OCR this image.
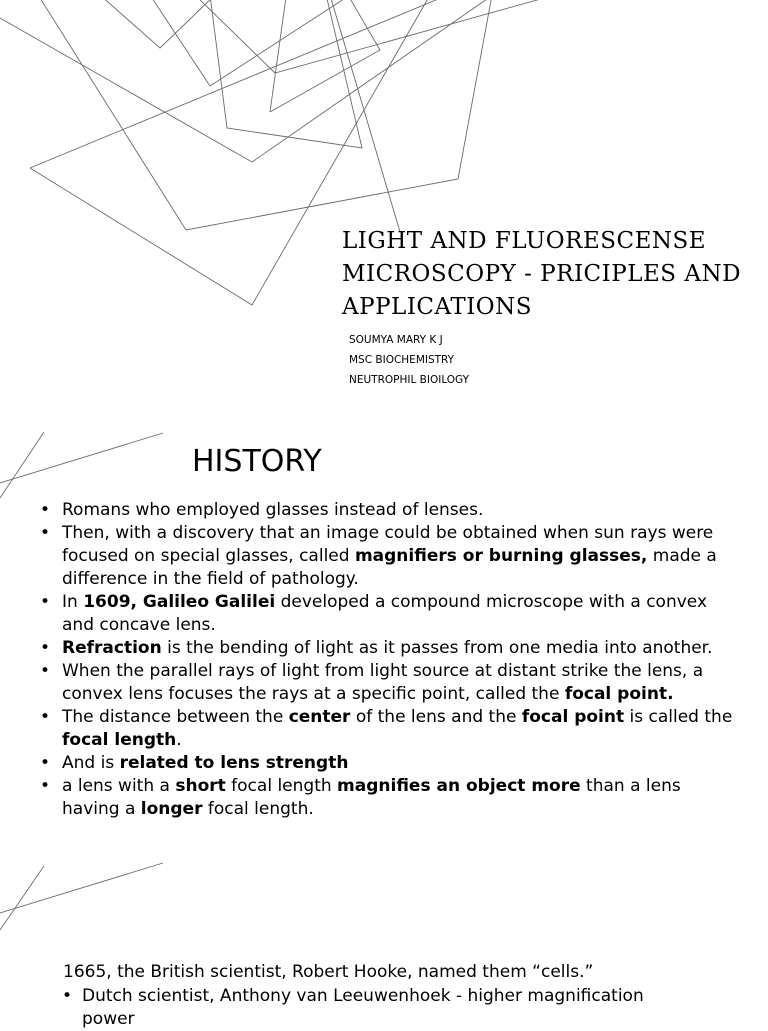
LIGHT AND FLUORESCENSE MICROSCOPY - PRICIPLES AND APPLICATIONS
SOUMYA MARY K J
MSC BIOCHEMISTRY
NEUTROPHIL BIOILOGY
HISTORY
• Romans who employed glasses instead of lenses.
• Then, with a discovery that an image could be obtained when sun rays were focused on special glasses, called magnifiers or burning glasses, made a difference in the field of pathology.
• In 1609, Galileo Galilei developed a compound microscope with a convex and concave lens.
• Refraction is the bending of light as it passes from one media into another.
• When the parallel rays of light from light source at distant strike the lens, a convex lens focuses the rays at a specific point, called the focal point.
• The distance between the center of the lens and the focal point is called the focal length.
• And is related to lens strength
• a lens with a short focal length magnifies an object more than a lens having a longer focal length.
1665, the British scientist, Robert Hooke, named them “cells.”
• Dutch scientist, Anthony van Leeuwenhoek - higher magnification power
